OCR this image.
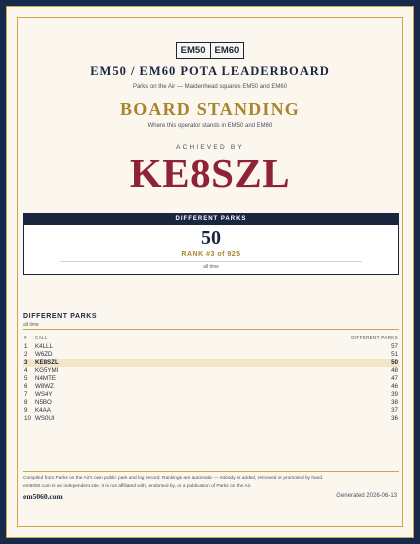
EM50 EM60
EM50 / EM60 POTA LEADERBOARD
Parks on the Air — Maidenhead squares EM50 and EM60
BOARD STANDING
Where this operator stands in EM50 and EM60
ACHIEVED BY
KE8SZL
DIFFERENT PARKS
50
RANK #3 of 925
all time
DIFFERENT PARKS
all time
#	CALL	DIFFERENT PARKS
1	K4LLL	57
2	W6ZD	51
3	KE8SZL	50
4	KG5YMI	48
5	N4MTE	47
6	W8WZ	46
7	WS4Y	39
8	N5BO	38
9	K4AA	37
10 WS0UI	36
Compiled from Parks on the Air's own public park and log record. Rankings are automatic — nobody is added, removed or promoted by hand.
em5060.com is an independent site. It is not affiliated with, endorsed by, or a publication of Parks on the Air.
em5060.com	Generated 2026-06-13
